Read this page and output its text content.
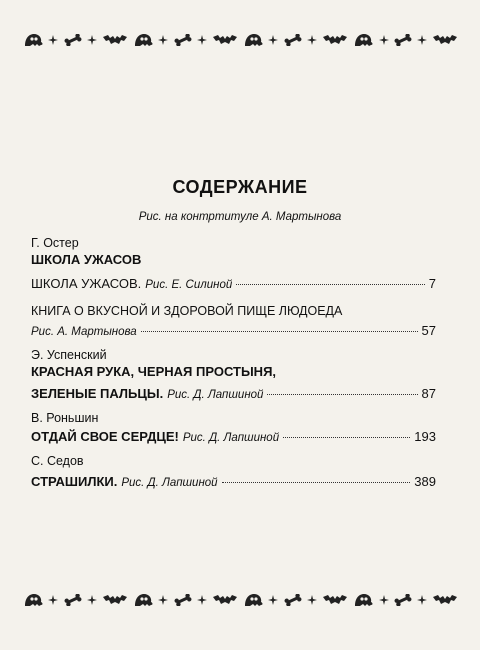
СОДЕРЖАНИЕ
Рис. на контртитуле А. Мартынова

Г. Остер

ШКОЛА УЖАСОВ

ШКОЛА УЖАСОВ. Рис. Е. Силиной	7
КНИГА О ВКУСНОЙ И ЗДОРОВОЙ ПИЩЕ ЛЮДОЕДА
Рис. А. Мартынова	57

Э. Успенский

КРАСНАЯ РУКА, ЧЕРНАЯ ПРОСТЫНЯ,
ЗЕЛЕНЫЕ ПАЛЬЦЫ. Рис. Д. Лапшиной	87

В. Роньшин

ОТДАЙ СВОЕ СЕРДЦЕ! Рис. Д. Лапшиной	193

С. Седов

СТРАШИЛКИ. Рис. Д. Лапшиной	389
